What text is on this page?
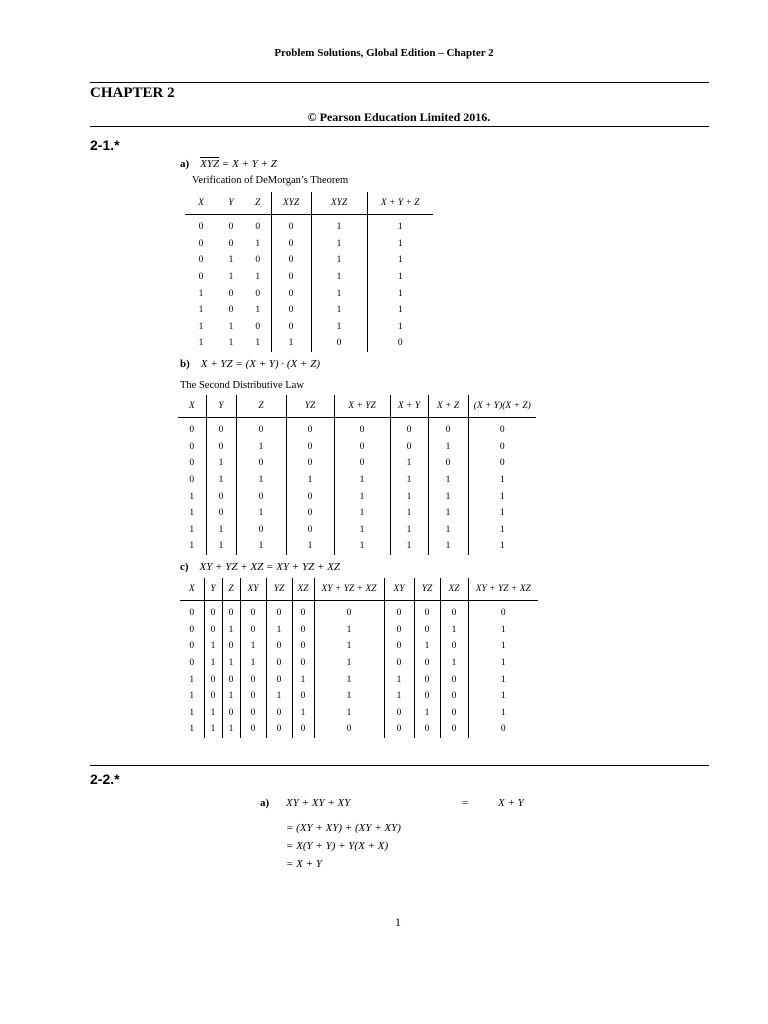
Problem Solutions, Global Edition – Chapter 2
CHAPTER 2
© Pearson Education Limited 2016.
2-1.*
a) $\overline{XYZ} = X + Y + Z$
Verification of DeMorgan’s Theorem
X	Y	Z	XYZ	XYZ	X + Y + Z
0	0	0	0	1	1
0	0	1	0	1	1
0	1	0	0	1	1
0	1	1	0	1	1
1	0	0	0	1	1
1	0	1	0	1	1
1	1	0	0	1	1
1	1	1	1	0	0
b) X + YZ = (X + Y) · (X + Z)
The Second Distributive Law
X	Y	Z	YZ	X + YZ	X + Y	X + Z	(X + Y)(X + Z)
0	0	0	0	0	0	0	0
0	0	1	0	0	0	1	0
0	1	0	0	0	1	0	0
0	1	1	1	1	1	1	1
1	0	0	0	1	1	1	1
1	0	1	0	1	1	1	1
1	1	0	0	1	1	1	1
1	1	1	1	1	1	1	1
c) XY + YZ + XZ = XY + YZ + XZ
X	Y	Z	XY	YZ	XZ	XY + YZ + XZ	XY	YZ	XZ	XY + YZ + XZ
0	0	0	0	0	0	0	0	0	0	0
0	0	1	0	1	0	1	0	0	1	1
0	1	0	1	0	0	1	0	1	0	1
0	1	1	1	0	0	1	0	0	1	1
1	0	0	0	0	1	1	1	0	0	1
1	0	1	0	1	0	1	1	0	0	1
1	1	0	0	0	1	1	0	1	0	1
1	1	1	0	0	0	0	0	0	0	0
2-2.*
a) XY + XY + XY	=	X + Y
= (XY + XY) + (XY + XY)
= X(Y + Y) + Y(X + X)
= X + Y
1
